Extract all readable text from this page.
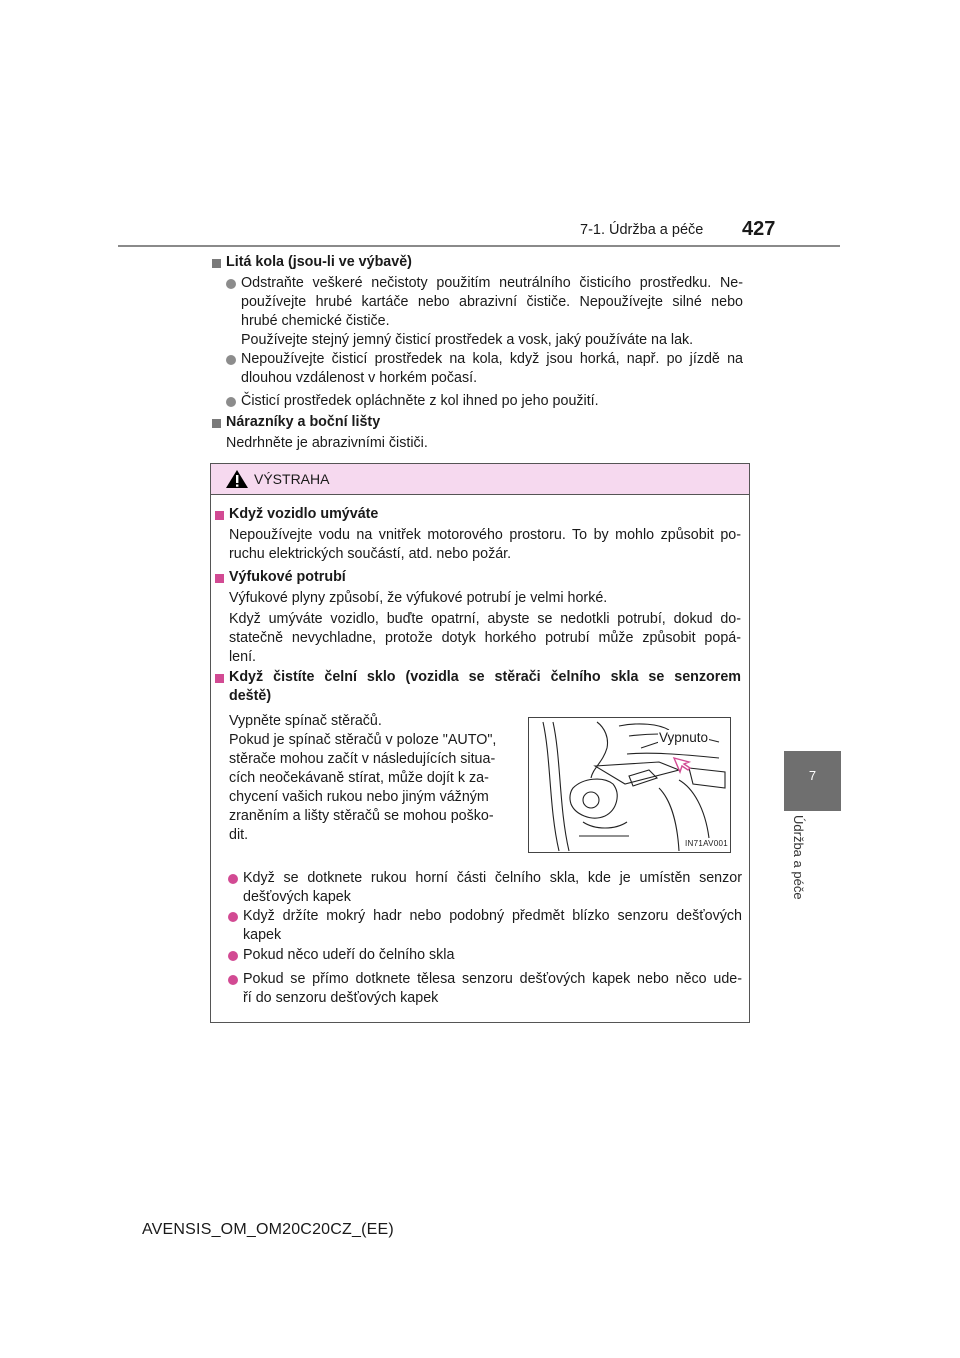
7-1. Údržba a péče 427
7
Údržba a péče
Litá kola (jsou-li ve výbavě)
Odstraňte veškeré nečistoty použitím neutrálního čisticího prostředku. Ne-
používejte hrubé kartáče nebo abrazivní čističe. Nepoužívejte silné nebo
hrubé chemické čističe.
Používejte stejný jemný čisticí prostředek a vosk, jaký používáte na lak.
Nepoužívejte čisticí prostředek na kola, když jsou horká, např. po jízdě na
dlouhou vzdálenost v horkém počasí.
Čisticí prostředek opláchněte z kol ihned po jeho použití.
Nárazníky a boční lišty
Nedrhněte je abrazivními čističi.
VÝSTRAHA
Když vozidlo umýváte
Nepoužívejte vodu na vnitřek motorového prostoru. To by mohlo způsobit po-
ruchu elektrických součástí, atd. nebo požár.
Výfukové potrubí
Výfukové plyny způsobí, že výfukové potrubí je velmi horké.
Když umýváte vozidlo, buďte opatrní, abyste se nedotkli potrubí, dokud do-
statečně nevychladne, protože dotyk horkého potrubí může způsobit popá-
lení.
Když čistíte čelní sklo (vozidla se stěrači čelního skla se senzorem
deště)
Vypněte spínač stěračů.
Pokud je spínač stěračů v poloze "AUTO",
stěrače mohou začít v následujících situa-
cích neočekávaně stírat, může dojít k za-
chycení vašich rukou nebo jiným vážným
zraněním a lišty stěračů se mohou poško-
dit.
Vypnuto
IN71AV001
Když se dotknete rukou horní části čelního skla, kde je umístěn senzor
dešťových kapek
Když držíte mokrý hadr nebo podobný předmět blízko senzoru dešťových
kapek
Pokud něco udeří do čelního skla
Pokud se přímo dotknete tělesa senzoru dešťových kapek nebo něco ude-
ří do senzoru dešťových kapek
AVENSIS_OM_OM20C20CZ_(EE)
